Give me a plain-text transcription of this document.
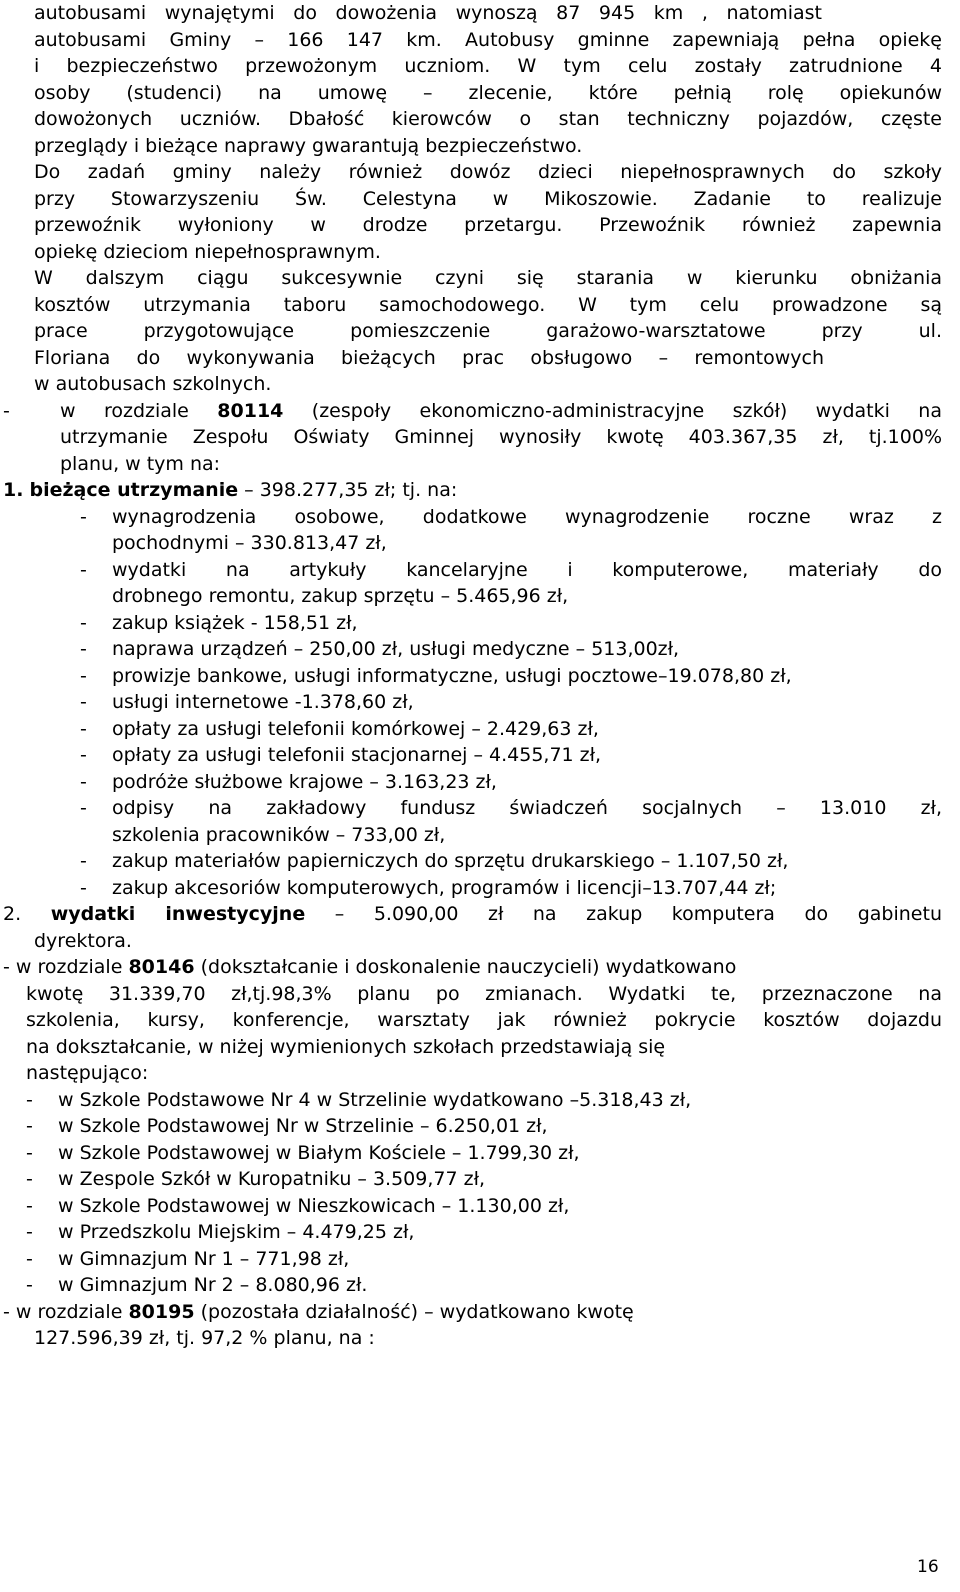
autobusami wynajętymi do dowożenia wynoszą 87 945 km , natomiast
autobusami Gminy – 166 147 km. Autobusy gminne zapewniają pełna opiekę
i bezpieczeństwo przewożonym uczniom. W tym celu zostały zatrudnione 4
osoby (studenci) na umowę – zlecenie, które pełnią rolę opiekunów
dowożonych uczniów. Dbałość kierowców o stan techniczny pojazdów, częste
przeglądy i bieżące naprawy gwarantują bezpieczeństwo.
Do zadań gminy należy również dowóz dzieci niepełnosprawnych do szkoły
przy Stowarzyszeniu Św. Celestyna w Mikoszowie. Zadanie to realizuje
przewoźnik wyłoniony w drodze przetargu. Przewoźnik również zapewnia
opiekę dzieciom niepełnosprawnym.
W dalszym ciągu sukcesywnie czyni się starania w kierunku obniżania
kosztów utrzymania taboru samochodowego. W tym celu prowadzone są
prace przygotowujące pomieszczenie garażowo-warsztatowe przy ul.
Floriana do wykonywania bieżących prac obsługowo – remontowych
w autobusach szkolnych.
-	w rozdziale 80114 (zespoły ekonomiczno-administracyjne szkół) wydatki na
utrzymanie Zespołu Oświaty Gminnej wynosiły kwotę 403.367,35 zł, tj.100%
planu, w tym na:
1. bieżące utrzymanie – 398.277,35 zł; tj. na:
- wynagrodzenia osobowe, dodatkowe wynagrodzenie roczne wraz z
pochodnymi – 330.813,47 zł,
- wydatki na artykuły kancelaryjne i komputerowe, materiały do
drobnego remontu, zakup sprzętu – 5.465,96 zł,
- zakup książek - 158,51 zł,
- naprawa urządzeń – 250,00 zł, usługi medyczne – 513,00zł,
- prowizje bankowe, usługi informatyczne, usługi pocztowe–19.078,80 zł,
- usługi internetowe -1.378,60 zł,
- opłaty za usługi telefonii komórkowej – 2.429,63 zł,
- opłaty za usługi telefonii stacjonarnej – 4.455,71 zł,
- podróże służbowe krajowe – 3.163,23 zł,
- odpisy na zakładowy fundusz świadczeń socjalnych – 13.010 zł,
szkolenia pracowników – 733,00 zł,
- zakup materiałów papierniczych do sprzętu drukarskiego – 1.107,50 zł,
- zakup akcesoriów komputerowych, programów i licencji–13.707,44 zł;
2. wydatki inwestycyjne – 5.090,00 zł na zakup komputera do gabinetu
dyrektora.
- w rozdziale 80146 (dokształcanie i doskonalenie nauczycieli) wydatkowano
kwotę 31.339,70 zł,tj.98,3% planu po zmianach. Wydatki te, przeznaczone na
szkolenia, kursy, konferencje, warsztaty jak również pokrycie kosztów dojazdu
na dokształcanie, w niżej wymienionych szkołach przedstawiają się
następująco:
- w Szkole Podstawowe Nr 4 w Strzelinie wydatkowano –5.318,43 zł,
- w Szkole Podstawowej Nr w Strzelinie – 6.250,01 zł,
- w Szkole Podstawowej w Białym Kościele – 1.799,30 zł,
- w Zespole Szkół w Kuropatniku – 3.509,77 zł,
- w Szkole Podstawowej w Nieszkowicach – 1.130,00 zł,
- w Przedszkolu Miejskim – 4.479,25 zł,
- w Gimnazjum Nr 1 – 771,98 zł,
- w Gimnazjum Nr 2 – 8.080,96 zł.
- w rozdziale 80195 (pozostała działalność) – wydatkowano kwotę
127.596,39 zł, tj. 97,2 % planu, na :
16
